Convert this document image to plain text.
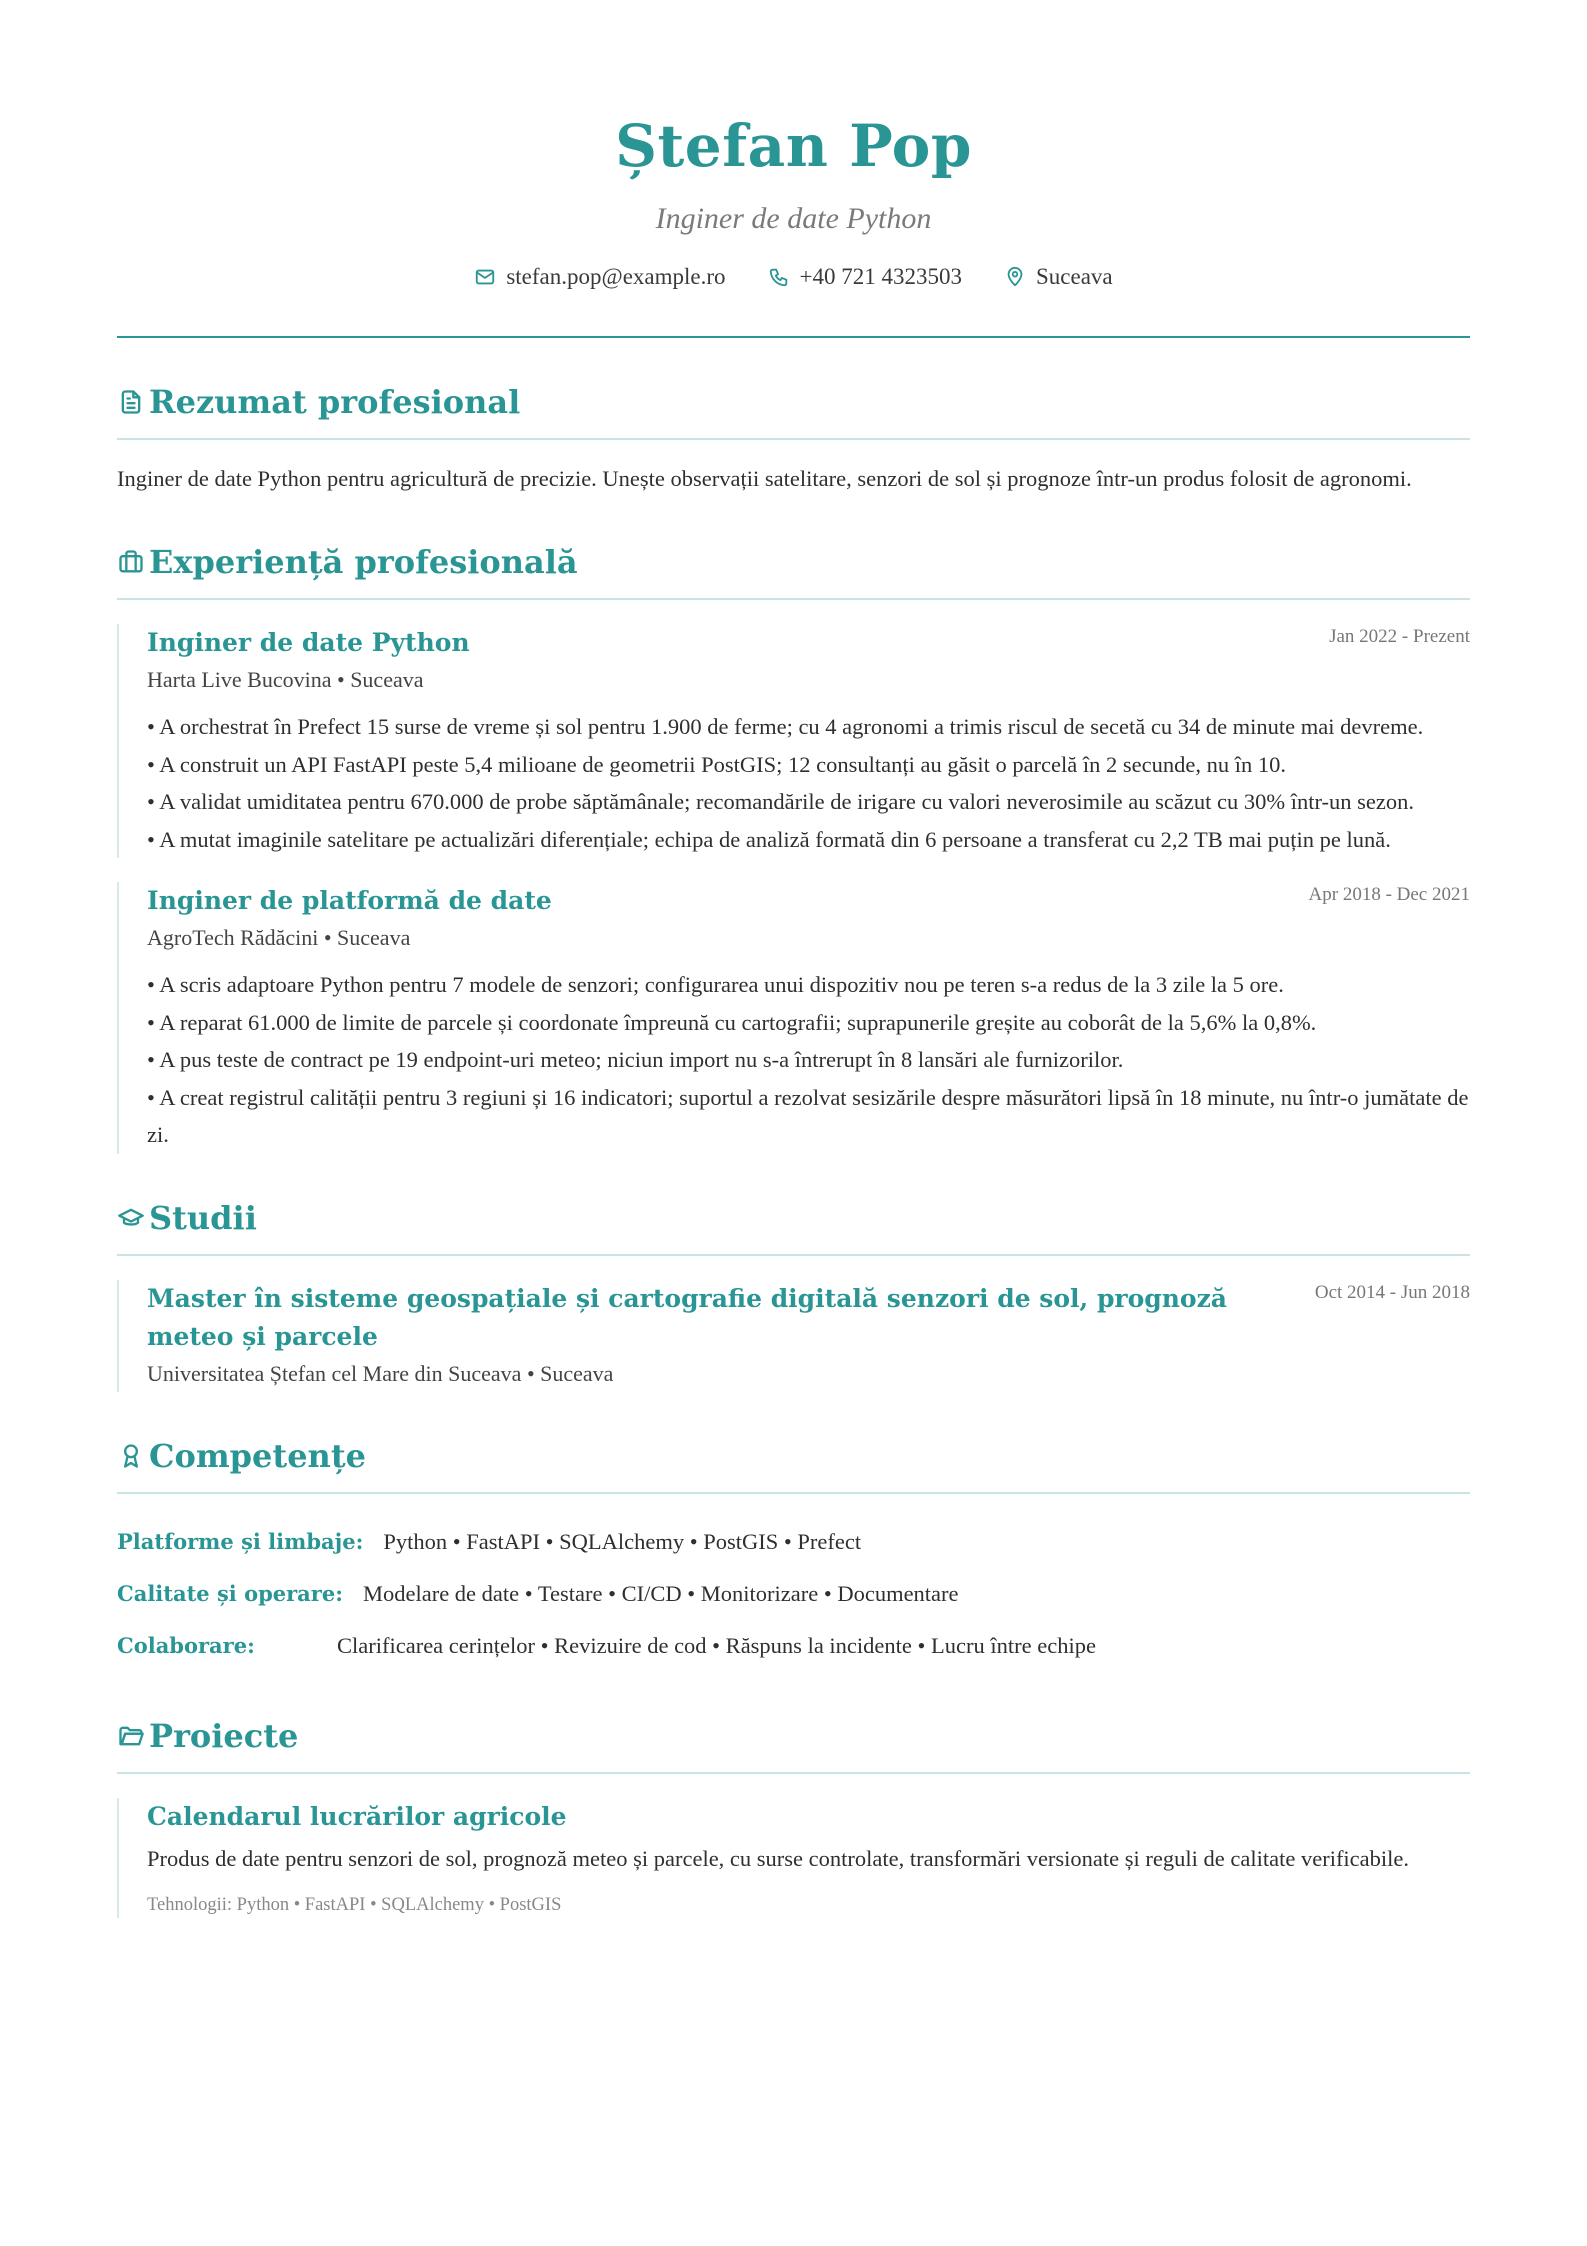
Ștefan Pop
Inginer de date Python
stefan.pop@example.ro	+40 721 4323503	Suceava
Rezumat profesional
Inginer de date Python pentru agricultură de precizie. Unește observații satelitare, senzori de sol și prognoze într-un produs folosit de agronomi.
Experiență profesională
Inginer de date Python	Jan 2022 - Prezent
Harta Live Bucovina • Suceava
• A orchestrat în Prefect 15 surse de vreme și sol pentru 1.900 de ferme; cu 4 agronomi a trimis riscul de secetă cu 34 de minute mai devreme.
• A construit un API FastAPI peste 5,4 milioane de geometrii PostGIS; 12 consultanți au găsit o parcelă în 2 secunde, nu în 10.
• A validat umiditatea pentru 670.000 de probe săptămânale; recomandările de irigare cu valori neverosimile au scăzut cu 30% într-un sezon.
• A mutat imaginile satelitare pe actualizări diferențiale; echipa de analiză formată din 6 persoane a transferat cu 2,2 TB mai puțin pe lună.
Inginer de platformă de date	Apr 2018 - Dec 2021
AgroTech Rădăcini • Suceava
• A scris adaptoare Python pentru 7 modele de senzori; configurarea unui dispozitiv nou pe teren s-a redus de la 3 zile la 5 ore.
• A reparat 61.000 de limite de parcele și coordonate împreună cu cartografii; suprapunerile greșite au coborât de la 5,6% la 0,8%.
• A pus teste de contract pe 19 endpoint-uri meteo; niciun import nu s-a întrerupt în 8 lansări ale furnizorilor.
• A creat registrul calității pentru 3 regiuni și 16 indicatori; suportul a rezolvat sesizările despre măsurători lipsă în 18 minute, nu într-o jumătate de zi.
Studii
Master în sisteme geospațiale și cartografie digitală senzori de sol, prognoză meteo și parcele
Oct 2014 - Jun 2018
Universitatea Ștefan cel Mare din Suceava • Suceava
Competențe
Platforme și limbaje: Python • FastAPI • SQLAlchemy • PostGIS • Prefect
Calitate și operare: Modelare de date • Testare • CI/CD • Monitorizare • Documentare
Colaborare:	Clarificarea cerințelor • Revizuire de cod • Răspuns la incidente • Lucru între echipe
Proiecte
Calendarul lucrărilor agricole
Produs de date pentru senzori de sol, prognoză meteo și parcele, cu surse controlate, transformări versionate și reguli de calitate verificabile.
Tehnologii: Python • FastAPI • SQLAlchemy • PostGIS
